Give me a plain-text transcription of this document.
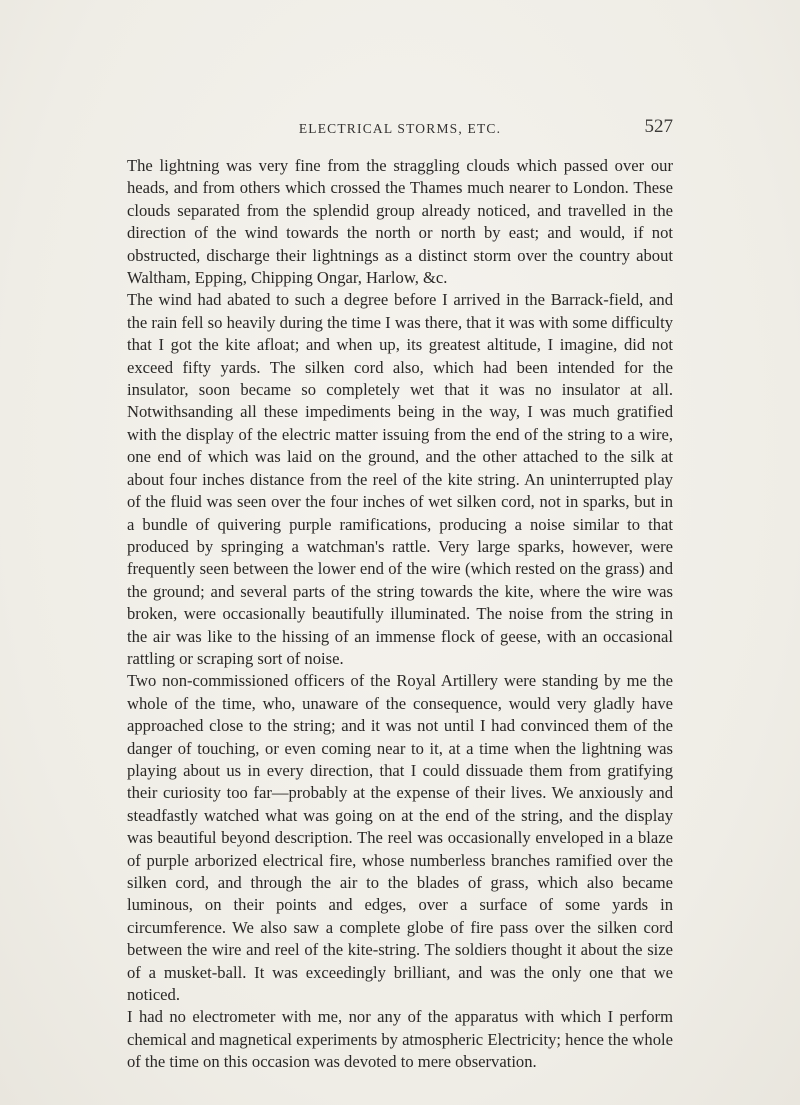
ELECTRICAL STORMS, ETC.	527

The lightning was very fine from the straggling clouds which passed over our heads, and from others which crossed the Thames much nearer to London. These clouds separated from the splendid group already noticed, and travelled in the direction of the wind towards the north or north by east; and would, if not obstructed, discharge their lightnings as a distinct storm over the country about Waltham, Epping, Chipping Ongar, Harlow, &c.

The wind had abated to such a degree before I arrived in the Barrack-field, and the rain fell so heavily during the time I was there, that it was with some difficulty that I got the kite afloat; and when up, its greatest altitude, I imagine, did not exceed fifty yards. The silken cord also, which had been intended for the insulator, soon became so completely wet that it was no insulator at all. Notwithsanding all these impediments being in the way, I was much gratified with the display of the electric matter issuing from the end of the string to a wire, one end of which was laid on the ground, and the other attached to the silk at about four inches distance from the reel of the kite string. An uninterrupted play of the fluid was seen over the four inches of wet silken cord, not in sparks, but in a bundle of quivering purple ramifications, producing a noise similar to that produced by springing a watchman's rattle. Very large sparks, however, were frequently seen between the lower end of the wire (which rested on the grass) and the ground; and several parts of the string towards the kite, where the wire was broken, were occasionally beautifully illuminated. The noise from the string in the air was like to the hissing of an immense flock of geese, with an occasional rattling or scraping sort of noise.

Two non-commissioned officers of the Royal Artillery were standing by me the whole of the time, who, unaware of the consequence, would very gladly have approached close to the string; and it was not until I had convinced them of the danger of touching, or even coming near to it, at a time when the lightning was playing about us in every direction, that I could dissuade them from gratifying their curiosity too far—probably at the expense of their lives. We anxiously and steadfastly watched what was going on at the end of the string, and the display was beautiful beyond description. The reel was occasionally enveloped in a blaze of purple arborized electrical fire, whose numberless branches ramified over the silken cord, and through the air to the blades of grass, which also became luminous, on their points and edges, over a surface of some yards in circumference. We also saw a complete globe of fire pass over the silken cord between the wire and reel of the kite-string. The soldiers thought it about the size of a musket-ball. It was exceedingly brilliant, and was the only one that we noticed.

I had no electrometer with me, nor any of the apparatus with which I perform chemical and magnetical experiments by atmospheric Electricity; hence the whole of the time on this occasion was devoted to mere observation.
